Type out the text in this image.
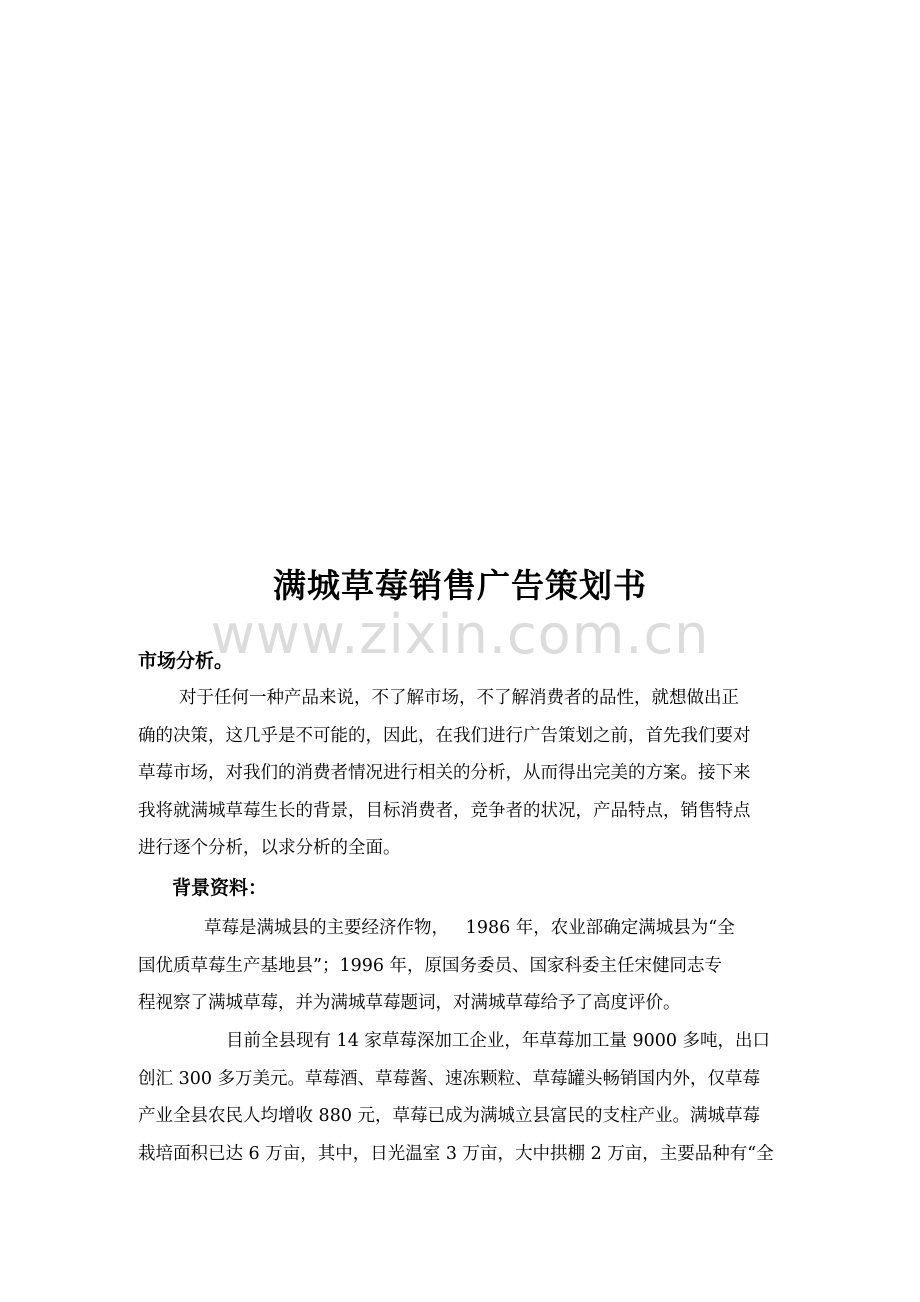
满城草莓销售广告策划书
www.zixin.com.cn
市场分析。

对于任何一种产品来说，不了解市场，不了解消费者的品性，就想做出正
确的决策，这几乎是不可能的，因此，在我们进行广告策划之前，首先我们要对
草莓市场，对我们的消费者情况进行相关的分析，从而得出完美的方案。接下来
我将就满城草莓生长的背景，目标消费者，竞争者的状况，产品特点，销售特点
进行逐个分析，以求分析的全面。

背景资料：

草莓是满城县的主要经济作物，   1986 年，农业部确定满城县为“全
国优质草莓生产基地县”；1996 年，原国务委员、国家科委主任宋健同志专
程视察了满城草莓，并为满城草莓题词，对满城草莓给予了高度评价。

目前全县现有 14 家草莓深加工企业，年草莓加工量 9000 多吨，出口
创汇 300 多万美元。草莓酒、草莓酱、速冻颗粒、草莓罐头畅销国内外，仅草莓
产业全县农民人均增收 880 元，草莓已成为满城立县富民的支柱产业。满城草莓
栽培面积已达 6 万亩，其中，日光温室 3 万亩，大中拱棚 2 万亩，主要品种有“全
